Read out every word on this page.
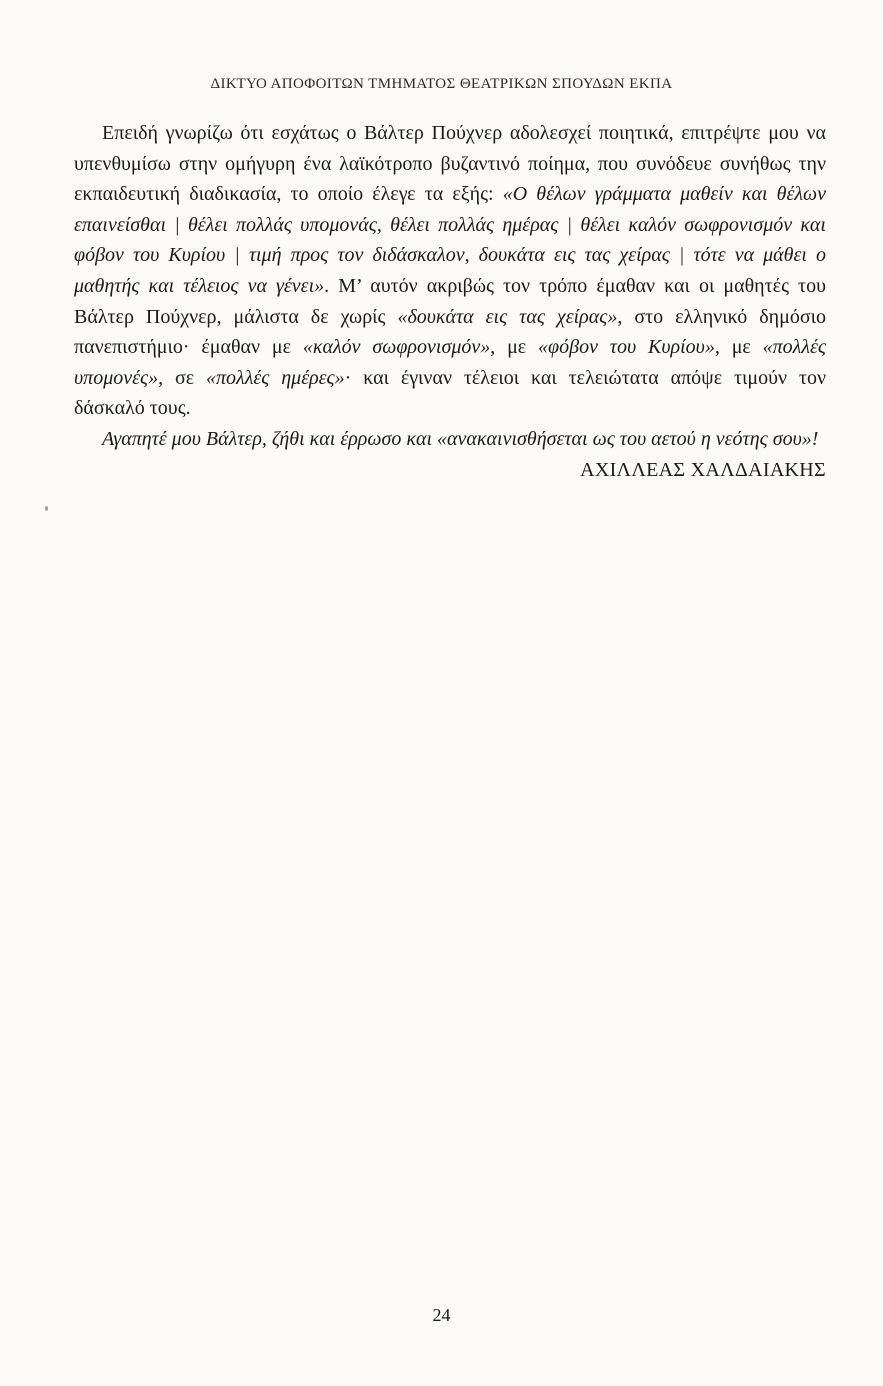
ΔΙΚΤΥΟ ΑΠΟΦΟΙΤΩΝ ΤΜΗΜΑΤΟΣ ΘΕΑΤΡΙΚΩΝ ΣΠΟΥΔΩΝ ΕΚΠΑ

Επειδή γνωρίζω ότι εσχάτως ο Βάλτερ Πούχνερ αδολεσχεί ποιητικά, επιτρέψτε μου να υπενθυμίσω στην ομήγυρη ένα λαϊκότροπο βυζαντινό ποίημα, που συνόδευε συνήθως την εκπαιδευτική διαδικασία, το οποίο έλεγε τα εξής: «Ο θέλων γράμματα μαθείν και θέλων επαινείσθαι | θέλει πολλάς υπομονάς, θέλει πολλάς ημέρας | θέλει καλόν σωφρονισμόν και φόβον του Κυρίου | τιμή προς τον διδάσκαλον, δουκάτα εις τας χείρας | τότε να μάθει ο μαθητής και τέλειος να γένει». Μ’ αυτόν ακριβώς τον τρόπο έμαθαν και οι μαθητές του Βάλτερ Πούχνερ, μάλιστα δε χωρίς «δουκάτα εις τας χείρας», στο ελληνικό δημόσιο πανεπιστήμιο· έμαθαν με «καλόν σωφρονισμόν», με «φόβον του Κυρίου», με «πολλές υπομονές», σε «πολλές ημέρες»· και έγιναν τέλειοι και τελειώτατα απόψε τιμούν τον δάσκαλό τους.

Αγαπητέ μου Βάλτερ, ζήθι και έρρωσο και «ανακαινισθήσεται ως του αετού η νεότης σου»!

ΑΧΙΛΛΕΑΣ ΧΑΛΔΑΙΑΚΗΣ
24
